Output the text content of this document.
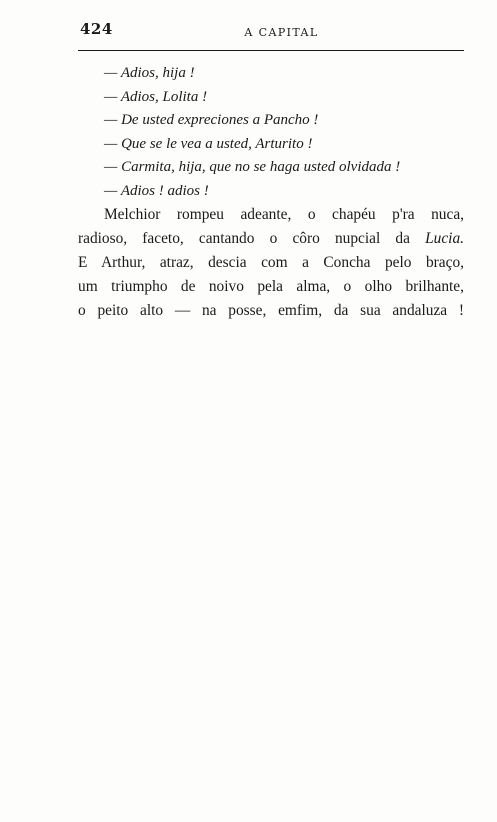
424	A CAPITAL
— Adios, hija !
— Adios, Lolita !
— De usted expreciones a Pancho !
— Que se le vea a usted, Arturito !
— Carmita, hija, que no se haga usted olvidada !
— Adios ! adios !
Melchior rompeu adeante, o chapéu p'ra nuca,
radioso, faceto, cantando o côro nupcial da Lucia.
E Arthur, atraz, descia com a Concha pelo braço,
um triumpho de noivo pela alma, o olho brilhante,
o peito alto — na posse, emfim, da sua andaluza !
